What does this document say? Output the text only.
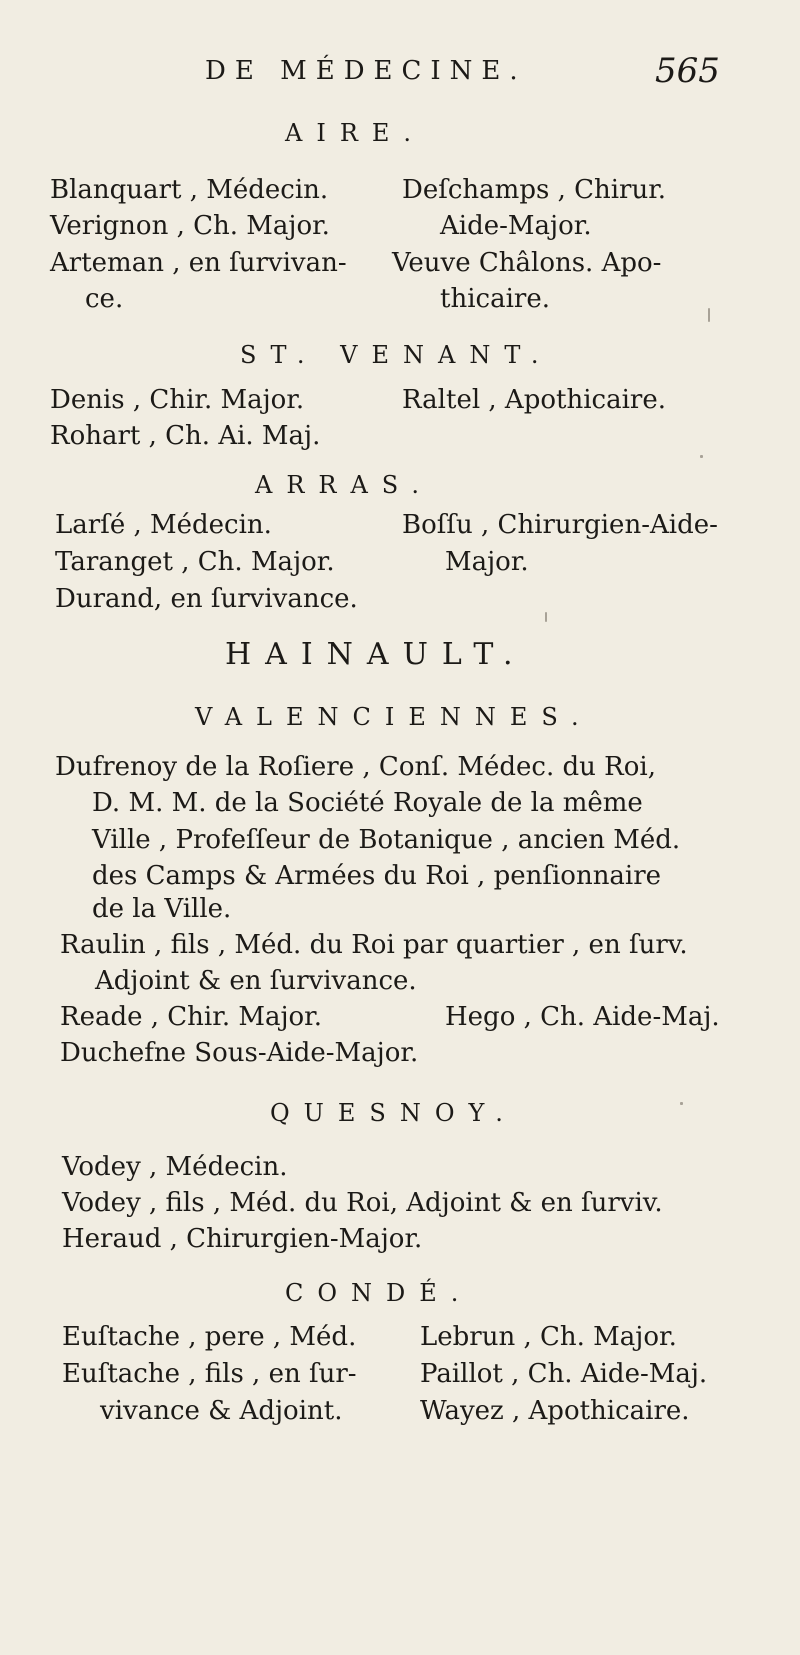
DE MÉDECINE.	565
AIRE.
Blanquart , Médecin.
Verignon , Ch. Major.
Arteman , en ſurvivan-
ce.
Deſchamps , Chirur.
Aide-Major.
Veuve Châlons. Apo-
thicaire.
ST. VENANT.
Denis , Chir. Major.
Rohart , Ch. Ai. Maj.
Raltel , Apothicaire.
ARRAS.
Larſé , Médecin.
Taranget , Ch. Major.
Durand, en ſurvivance.
Boſſu , Chirurgien-Aide-
Major.
HAINAULT.
VALENCIENNES.
Dufrenoy de la Roſiere , Conſ. Médec. du Roi,
D. M. M. de la Société Royale de la même
Ville , Profeſſeur de Botanique , ancien Méd.
des Camps & Armées du Roi , penſionnaire
de la Ville.
Raulin , fils , Méd. du Roi par quartier , en ſurv.
Adjoint & en ſurvivance.
Reade , Chir. Major.	Hego , Ch. Aide-Maj.
Duchefne Sous-Aide-Major.
QUESNOY.
Vodey , Médecin.
Vodey , fils , Méd. du Roi, Adjoint & en ſurviv.
Heraud , Chirurgien-Major.
CONDÉ.
Euſtache , pere , Méd.
Euſtache , fils , en ſur-
vivance & Adjoint.
Lebrun , Ch. Major.
Paillot , Ch. Aide-Maj.
Wayez , Apothicaire.
